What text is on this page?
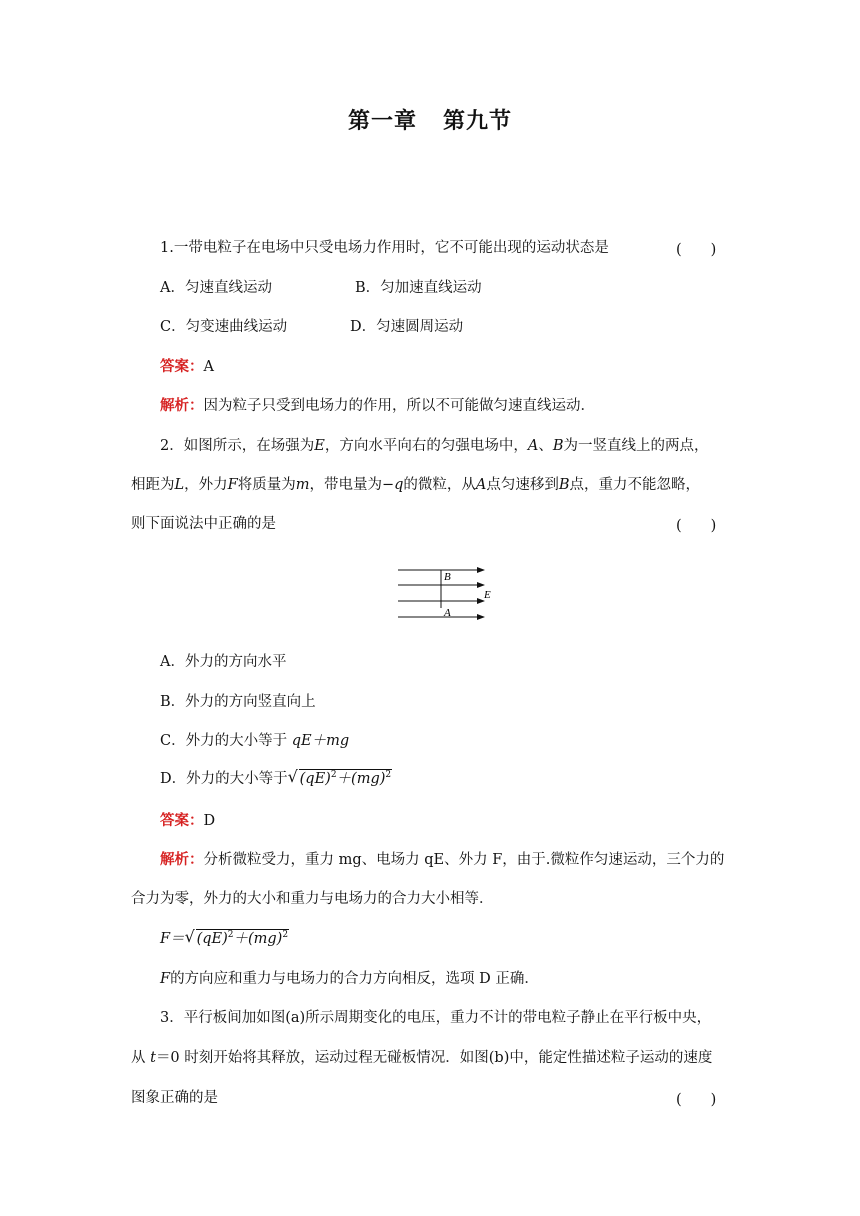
第一章 第九节
1.一带电粒子在电场中只受电场力作用时，它不可能出现的运动状态是	(　　)
A．匀速直线运动	B．匀加速直线运动
C．匀变速曲线运动	D．匀速圆周运动
答案：A
解析：因为粒子只受到电场力的作用，所以不可能做匀速直线运动．
2．如图所示，在场强为E，方向水平向右的匀强电场中，A、B为一竖直线上的两点，
相距为L，外力F将质量为m，带电量为−q的微粒，从A点匀速移到B点，重力不能忽略，
则下面说法中正确的是	(　　)
B
E
A
A．外力的方向水平
B．外力的方向竖直向上
C．外力的大小等于 qE＋mg
D．外力的大小等于 √ (qE)$^2$＋(mg)$^2$
答案：D
解析：分析微粒受力，重力 mg、电场力 qE、外力 F，由于.微粒作匀速运动，三个力的
合力为零，外力的大小和重力与电场力的合力大小相等．
F＝ √ (qE)$^2$＋(mg)$^2$
F的方向应和重力与电场力的合力方向相反，选项 D 正确．
3．平行板间加如图(a)所示周期变化的电压，重力不计的带电粒子静止在平行板中央，
从 t＝0 时刻开始将其释放，运动过程无碰板情况．如图(b)中，能定性描述粒子运动的速度
图象正确的是	(　　)
